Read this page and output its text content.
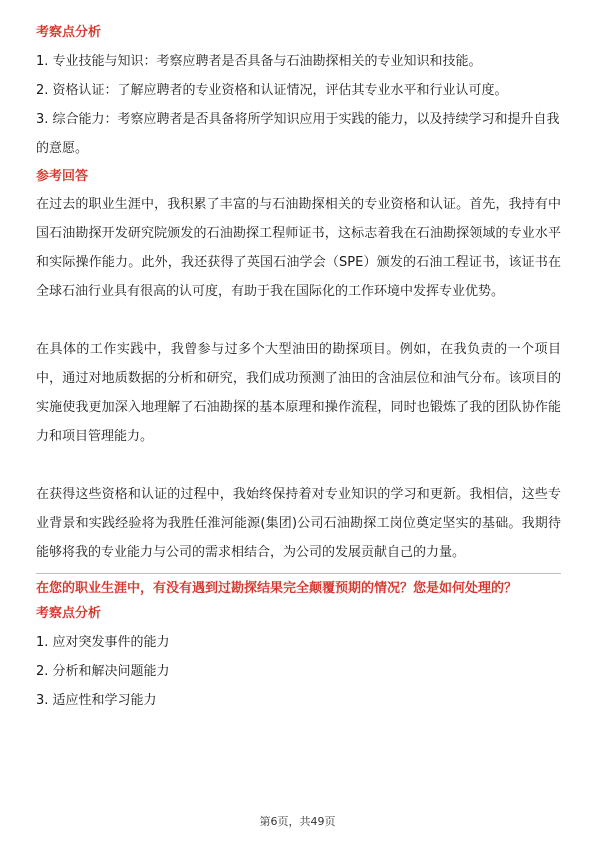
考察点分析

1. 专业技能与知识：考察应聘者是否具备与石油勘探相关的专业知识和技能。

2. 资格认证：了解应聘者的专业资格和认证情况，评估其专业水平和行业认可度。

3. 综合能力：考察应聘者是否具备将所学知识应用于实践的能力，以及持续学习和提升自我的意愿。

参考回答

在过去的职业生涯中，我积累了丰富的与石油勘探相关的专业资格和认证。首先，我持有中国石油勘探开发研究院颁发的石油勘探工程师证书，这标志着我在石油勘探领域的专业水平和实际操作能力。此外，我还获得了英国石油学会（SPE）颁发的石油工程证书，该证书在全球石油行业具有很高的认可度，有助于我在国际化的工作环境中发挥专业优势。

在具体的工作实践中，我曾参与过多个大型油田的勘探项目。例如，在我负责的一个项目中，通过对地质数据的分析和研究，我们成功预测了油田的含油层位和油气分布。该项目的实施使我更加深入地理解了石油勘探的基本原理和操作流程，同时也锻炼了我的团队协作能力和项目管理能力。

在获得这些资格和认证的过程中，我始终保持着对专业知识的学习和更新。我相信，这些专业背景和实践经验将为我胜任淮河能源(集团)公司石油勘探工岗位奠定坚实的基础。我期待能够将我的专业能力与公司的需求相结合，为公司的发展贡献自己的力量。

在您的职业生涯中，有没有遇到过勘探结果完全颠覆预期的情况？您是如何处理的？

考察点分析

1. 应对突发事件的能力

2. 分析和解决问题能力

3. 适应性和学习能力

第6页，共49页
